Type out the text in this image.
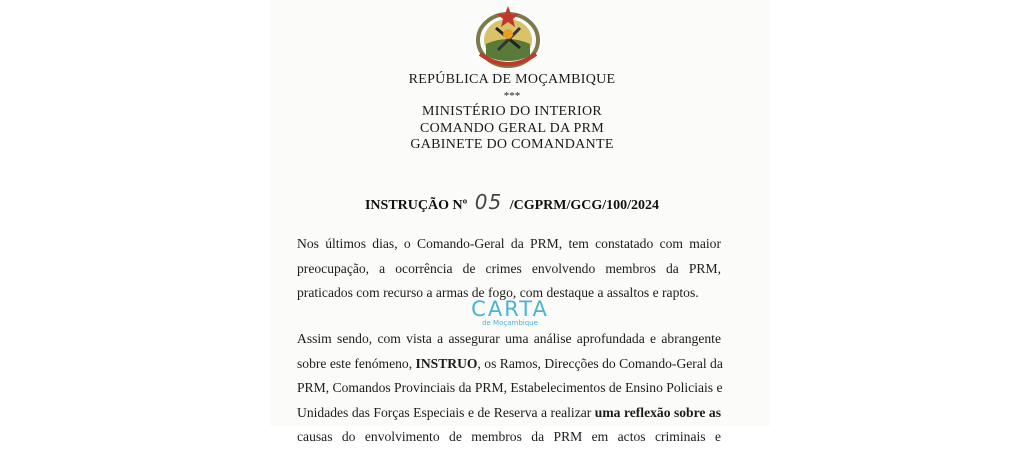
REPÚBLICA DE MOÇAMBIQUE
***
MINISTÉRIO DO INTERIOR
COMANDO GERAL DA PRM
GABINETE DO COMANDANTE
INSTRUÇÃO Nº 05 /CGPRM/GCG/100/2024
Nos últimos dias, o Comando-Geral da PRM, tem constatado com maior
preocupação, a ocorrência de crimes envolvendo membros da PRM,
praticados com recurso a armas de fogo, com destaque a assaltos e raptos.
CARTA
de Moçambique
Assim sendo, com vista a assegurar uma análise aprofundada e abrangente
sobre este fenómeno, INSTRUO, os Ramos, Direcções do Comando-Geral da
PRM, Comandos Provinciais da PRM, Estabelecimentos de Ensino Policiais e
Unidades das Forças Especiais e de Reserva a realizar uma reflexão sobre as
causas do envolvimento de membros da PRM em actos criminais e
